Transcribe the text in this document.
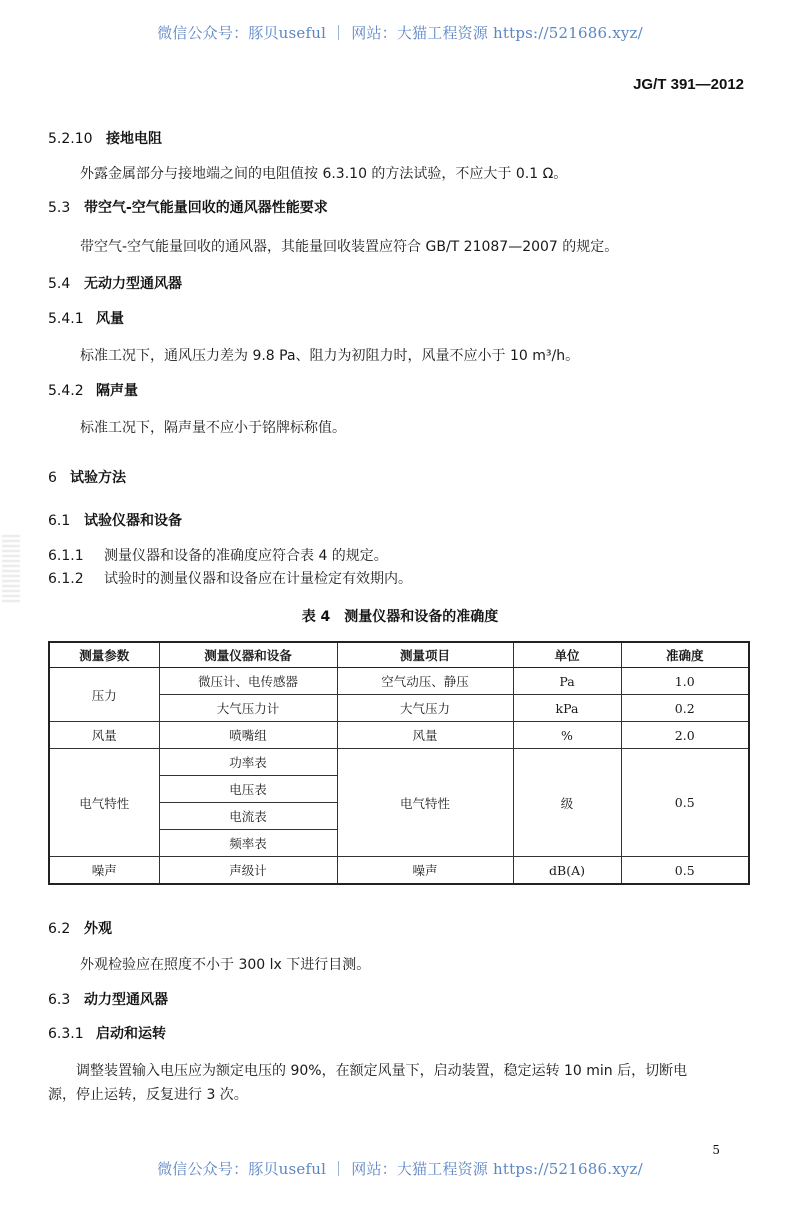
微信公众号：豚贝useful ｜ 网站：大猫工程资源 https://521686.xyz/
JG/T 391—2012
5.2.10 接地电阻
外露金属部分与接地端之间的电阻值按 6.3.10 的方法试验，不应大于 0.1 Ω。
5.3 带空气-空气能量回收的通风器性能要求
带空气-空气能量回收的通风器，其能量回收装置应符合 GB/T 21087—2007 的规定。
5.4 无动力型通风器
5.4.1 风量
标准工况下，通风压力差为 9.8 Pa、阻力为初阻力时，风量不应小于 10 m³/h。
5.4.2 隔声量
标准工况下，隔声量不应小于铭牌标称值。
6 试验方法
6.1 试验仪器和设备
6.1.1 测量仪器和设备的准确度应符合表 4 的规定。
6.1.2 试验时的测量仪器和设备应在计量检定有效期内。
表 4　测量仪器和设备的准确度
测量参数	测量仪器和设备	测量项目	单位	准确度
压力	微压计、电传感器	空气动压、静压	Pa	1.0
	大气压力计	大气压力	kPa	0.2
风量	喷嘴组	风量	%	2.0
电气特性	功率表	电气特性	级	0.5
	电压表			
	电流表			
	频率表			
噪声	声级计	噪声	dB(A)	0.5
6.2 外观
外观检验应在照度不小于 300 lx 下进行目测。
6.3 动力型通风器
6.3.1 启动和运转
调整装置输入电压应为额定电压的 90%，在额定风量下，启动装置，稳定运转 10 min 后，切断电
源，停止运转，反复进行 3 次。
5
微信公众号：豚贝useful ｜ 网站：大猫工程资源 https://521686.xyz/
